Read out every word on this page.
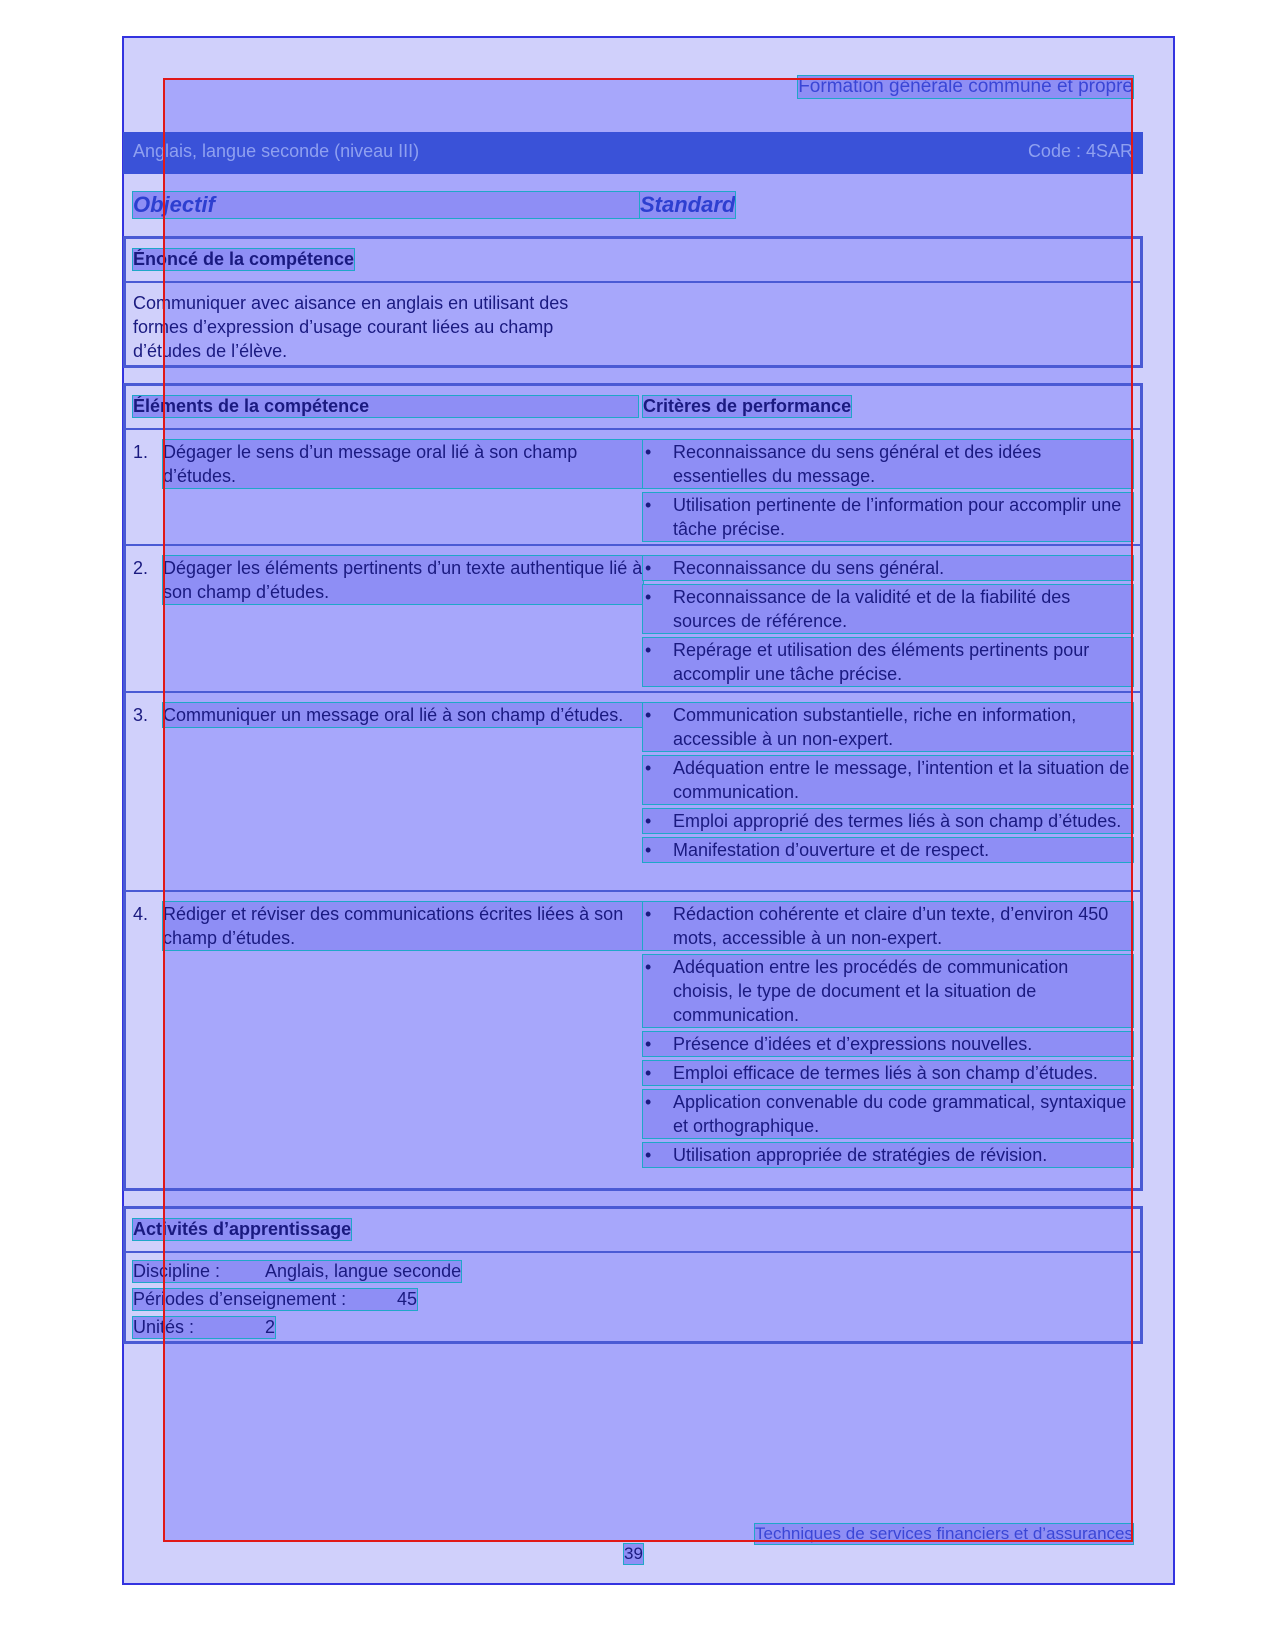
Formation générale commune et propre
Anglais, langue seconde (niveau III)	Code : 4SAR
Objectif	Standard
Énoncé de la compétence
Communiquer avec aisance en anglais en utilisant des formes d’expression d’usage courant liées au champ d’études de l’élève.
Éléments de la compétence	Critères de performance
1. Dégager le sens d’un message oral lié à son champ d’études.
• Reconnaissance du sens général et des idées essentielles du message.
• Utilisation pertinente de l’information pour accomplir une tâche précise.
2. Dégager les éléments pertinents d’un texte authentique lié à son champ d’études.
• Reconnaissance du sens général.
• Reconnaissance de la validité et de la fiabilité des sources de référence.
• Repérage et utilisation des éléments pertinents pour accomplir une tâche précise.
3. Communiquer un message oral lié à son champ d’études.
•	Communication substantielle, riche en information, accessible à un non-expert.
• Adéquation entre le message, l’intention et la situation de communication.
• Emploi approprié des termes liés à son champ d’études.
• Manifestation d’ouverture et de respect.
4. Rédiger et réviser des communications écrites liées à son champ d’études.
• Rédaction cohérente et claire d’un texte, d’environ 450 mots, accessible à un non-expert.
• Adéquation entre les procédés de communication choisis, le type de document et la situation de communication.
• Présence d’idées et d’expressions nouvelles.
• Emploi efficace de termes liés à son champ d’études.
• Application convenable du code grammatical, syntaxique et orthographique.
• Utilisation appropriée de stratégies de révision.
Activités d’apprentissage
Discipline : Anglais, langue seconde
Périodes d’enseignement :	45
Unités :	2
Techniques de services financiers et d’assurances
39
